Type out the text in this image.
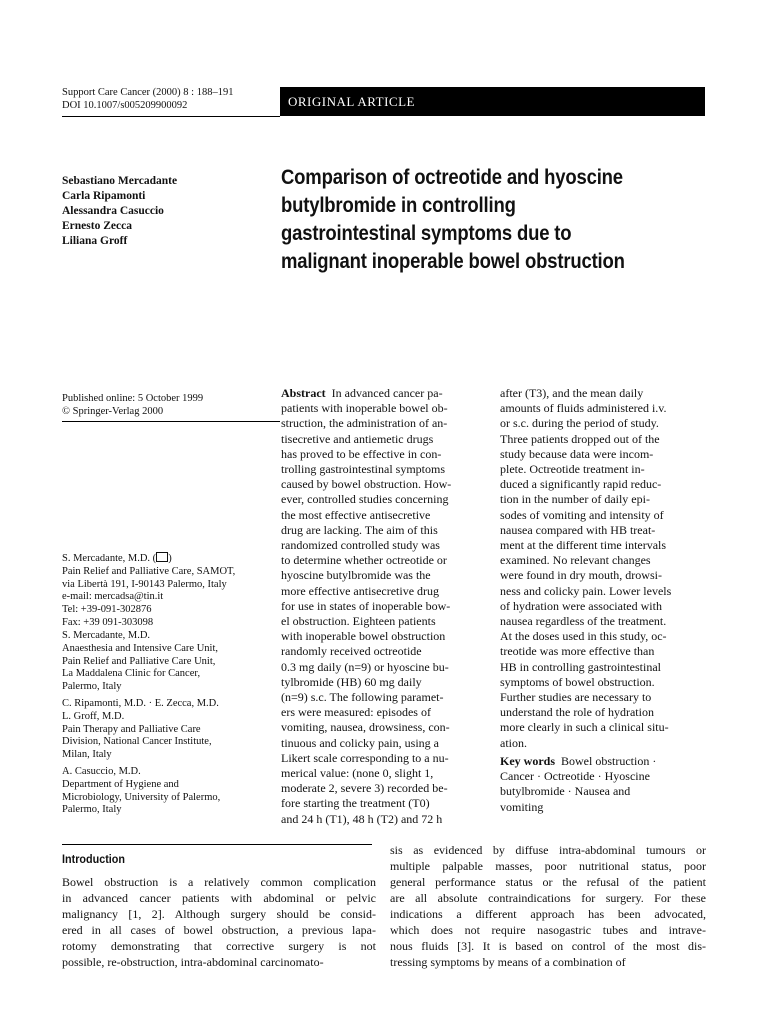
Support Care Cancer (2000) 8 : 188–191
DOI 10.1007/s005209900092	ORIGINAL ARTICLE
Sebastiano Mercadante
Carla Ripamonti
Alessandra Casuccio
Ernesto Zecca
Liliana Groff
Comparison of octreotide and hyoscine
butylbromide in controlling
gastrointestinal symptoms due to
malignant inoperable bowel obstruction
Published online: 5 October 1999
© Springer-Verlag 2000
S. Mercadante, M.D. ( )
Pain Relief and Palliative Care, SAMOT,
via Libertà 191, I-90143 Palermo, Italy
e-mail: mercadsa@tin.it
Tel: +39-091-302876
Fax: +39 091-303098
S. Mercadante, M.D.
Anaesthesia and Intensive Care Unit,
Pain Relief and Palliative Care Unit,
La Maddalena Clinic for Cancer,
Palermo, Italy
C. Ripamonti, M.D. · E. Zecca, M.D.
L. Groff, M.D.
Pain Therapy and Palliative Care
Division, National Cancer Institute,
Milan, Italy
A. Casuccio, M.D.
Department of Hygiene and
Microbiology, University of Palermo,
Palermo, Italy
Abstract In advanced cancer pa-
patients with inoperable bowel ob-
struction, the administration of an-
tisecretive and antiemetic drugs
has proved to be effective in con-
trolling gastrointestinal symptoms
caused by bowel obstruction. How-
ever, controlled studies concerning
the most effective antisecretive
drug are lacking. The aim of this
randomized controlled study was
to determine whether octreotide or
hyoscine butylbromide was the
more effective antisecretive drug
for use in states of inoperable bow-
el obstruction. Eighteen patients
with inoperable bowel obstruction
randomly received octreotide
0.3 mg daily (n=9) or hyoscine bu-
tylbromide (HB) 60 mg daily
(n=9) s.c. The following paramet-
ers were measured: episodes of
vomiting, nausea, drowsiness, con-
tinuous and colicky pain, using a
Likert scale corresponding to a nu-
merical value: (none 0, slight 1,
moderate 2, severe 3) recorded be-
fore starting the treatment (T0)
and 24 h (T1), 48 h (T2) and 72 h
after (T3), and the mean daily
amounts of fluids administered i.v.
or s.c. during the period of study.
Three patients dropped out of the
study because data were incom-
plete. Octreotide treatment in-
duced a significantly rapid reduc-
tion in the number of daily epi-
sodes of vomiting and intensity of
nausea compared with HB treat-
ment at the different time intervals
examined. No relevant changes
were found in dry mouth, drowsi-
ness and colicky pain. Lower levels
of hydration were associated with
nausea regardless of the treatment.
At the doses used in this study, oc-
treotide was more effective than
HB in controlling gastrointestinal
symptoms of bowel obstruction.
Further studies are necessary to
understand the role of hydration
more clearly in such a clinical situ-
ation.
Key words Bowel obstruction ·
Cancer · Octreotide · Hyoscine
butylbromide · Nausea and
vomiting
Introduction
Bowel obstruction is a relatively common complication
in advanced cancer patients with abdominal or pelvic
malignancy [1, 2]. Although surgery should be consid-
ered in all cases of bowel obstruction, a previous lapa-
rotomy demonstrating that corrective surgery is not
possible, re-obstruction, intra-abdominal carcinomato-
sis as evidenced by diffuse intra-abdominal tumours or
multiple palpable masses, poor nutritional status, poor
general performance status or the refusal of the patient
are all absolute contraindications for surgery. For these
indications a different approach has been advocated,
which does not require nasogastric tubes and intrave-
nous fluids [3]. It is based on control of the most dis-
tressing symptoms by means of a combination of
